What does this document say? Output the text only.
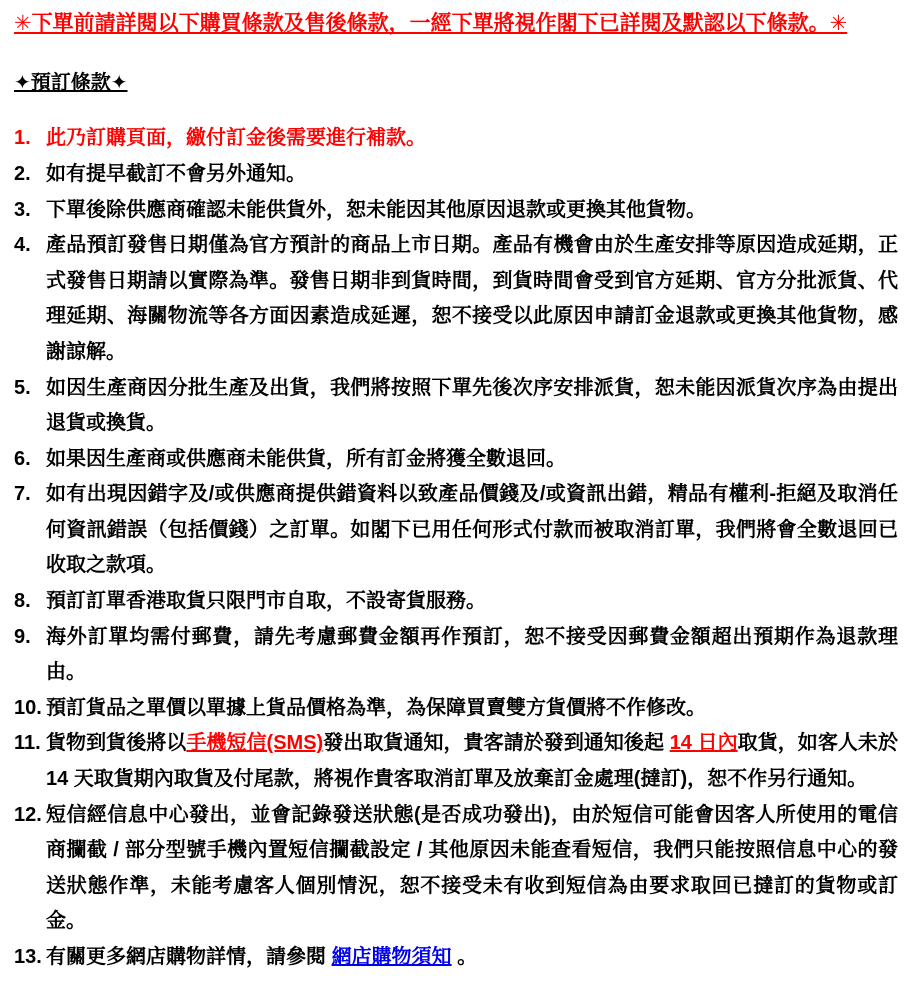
✳下單前請詳閱以下購買條款及售後條款，一經下單將視作閣下已詳閱及默認以下條款。✳
✦預訂條款✦
1. 此乃訂購頁面，繳付訂金後需要進行補款。
2. 如有提早截訂不會另外通知。
3. 下單後除供應商確認未能供貨外，恕未能因其他原因退款或更換其他貨物。
4. 產品預訂發售日期僅為官方預計的商品上市日期。產品有機會由於生產安排等原因造成延期，正式發售日期請以實際為準。發售日期非到貨時間，到貨時間會受到官方延期、官方分批派貨、代理延期、海關物流等各方面因素造成延遲，恕不接受以此原因申請訂金退款或更換其他貨物，感謝諒解。
5. 如因生產商因分批生產及出貨，我們將按照下單先後次序安排派貨，恕未能因派貨次序為由提出退貨或換貨。
6. 如果因生產商或供應商未能供貨，所有訂金將獲全數退回。
7. 如有出現因錯字及/或供應商提供錯資料以致產品價錢及/或資訊出錯，精品有權利-拒絕及取消任何資訊錯誤（包括價錢）之訂單。如閣下已用任何形式付款而被取消訂單，我們將會全數退回已收取之款項。
8. 預訂訂單香港取貨只限門市自取，不設寄貨服務。
9. 海外訂單均需付郵費，請先考慮郵費金額再作預訂，恕不接受因郵費金額超出預期作為退款理由。
10. 預訂貨品之單價以單據上貨品價格為準，為保障買賣雙方貨價將不作修改。
11. 貨物到貨後將以手機短信(SMS)發出取貨通知，貴客請於發到通知後起 14 日內取貨，如客人未於 14 天取貨期內取貨及付尾款，將視作貴客取消訂單及放棄訂金處理(撻訂)，恕不作另行通知。
12. 短信經信息中心發出，並會記錄發送狀態(是否成功發出)，由於短信可能會因客人所使用的電信商攔截 / 部分型號手機內置短信攔截設定 / 其他原因未能查看短信，我們只能按照信息中心的發送狀態作準，未能考慮客人個別情況，恕不接受未有收到短信為由要求取回已撻訂的貨物或訂金。
13. 有關更多網店購物詳情，請參閱 網店購物須知 。
